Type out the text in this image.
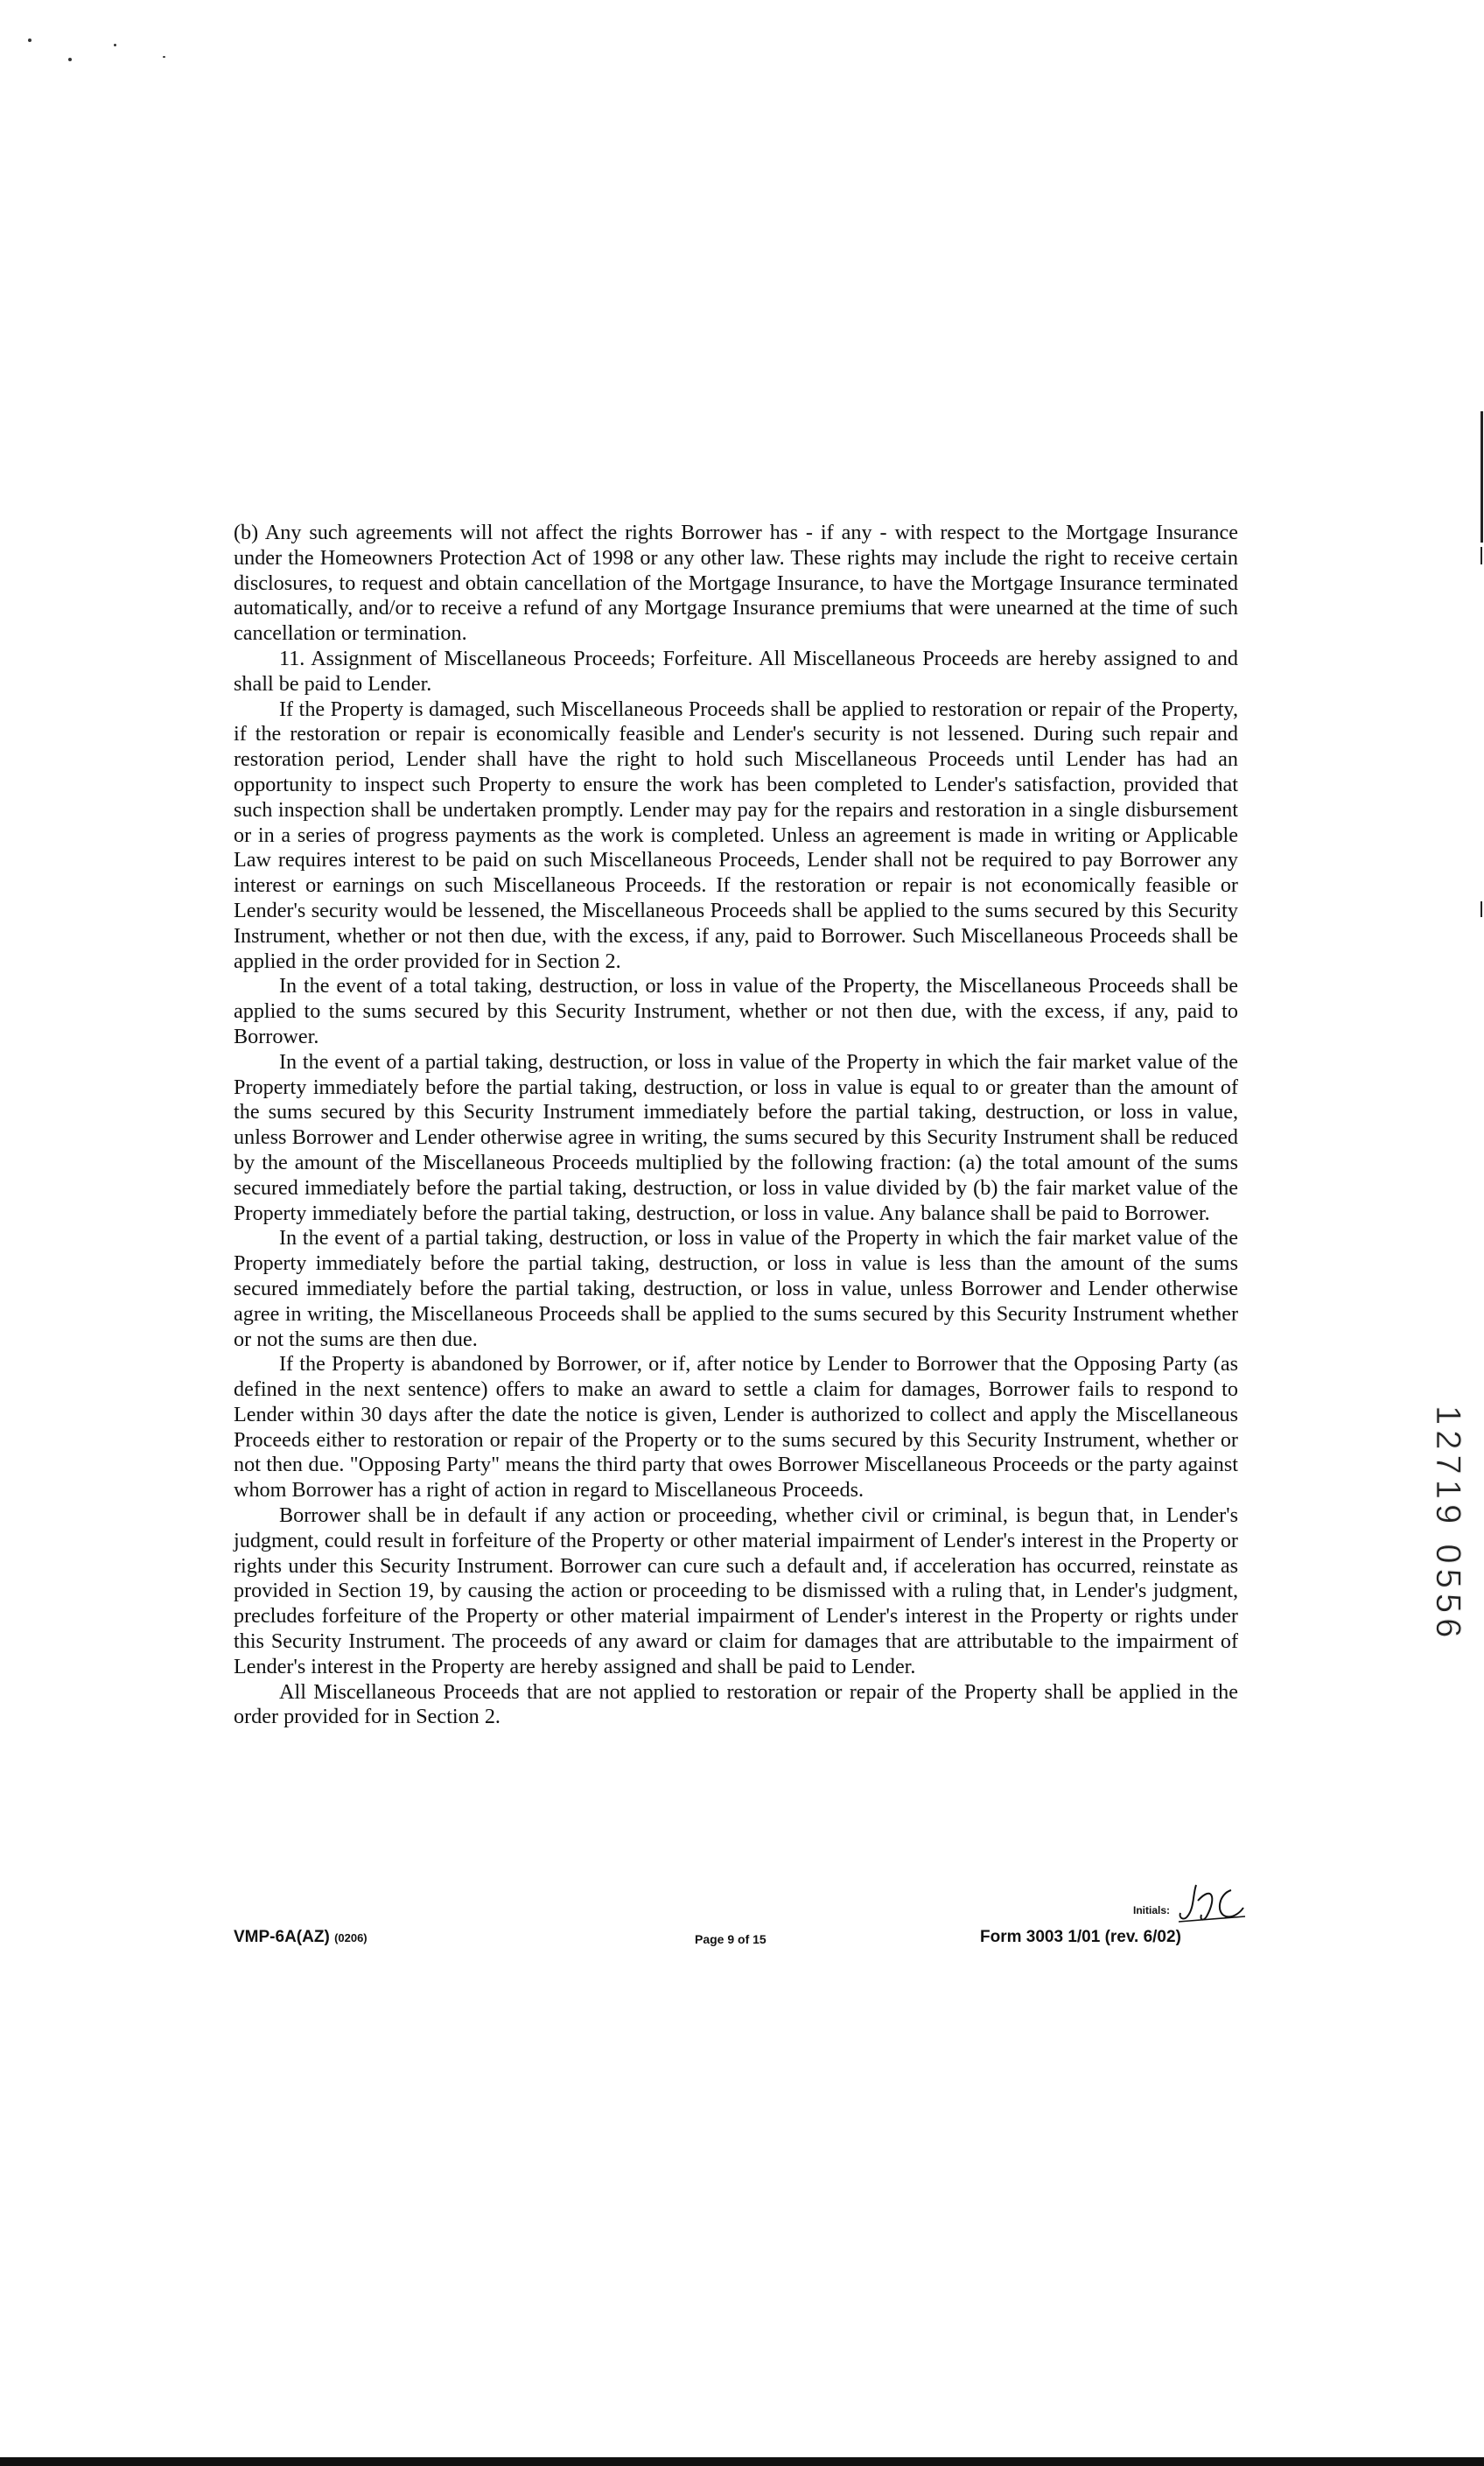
(b) Any such agreements will not affect the rights Borrower has - if any - with respect to the Mortgage Insurance under the Homeowners Protection Act of 1998 or any other law. These rights may include the right to receive certain disclosures, to request and obtain cancellation of the Mortgage Insurance, to have the Mortgage Insurance terminated automatically, and/or to receive a refund of any Mortgage Insurance premiums that were unearned at the time of such cancellation or termination.

11. Assignment of Miscellaneous Proceeds; Forfeiture. All Miscellaneous Proceeds are hereby assigned to and shall be paid to Lender.

If the Property is damaged, such Miscellaneous Proceeds shall be applied to restoration or repair of the Property, if the restoration or repair is economically feasible and Lender's security is not lessened. During such repair and restoration period, Lender shall have the right to hold such Miscellaneous Proceeds until Lender has had an opportunity to inspect such Property to ensure the work has been completed to Lender's satisfaction, provided that such inspection shall be undertaken promptly. Lender may pay for the repairs and restoration in a single disbursement or in a series of progress payments as the work is completed. Unless an agreement is made in writing or Applicable Law requires interest to be paid on such Miscellaneous Proceeds, Lender shall not be required to pay Borrower any interest or earnings on such Miscellaneous Proceeds. If the restoration or repair is not economically feasible or Lender's security would be lessened, the Miscellaneous Proceeds shall be applied to the sums secured by this Security Instrument, whether or not then due, with the excess, if any, paid to Borrower. Such Miscellaneous Proceeds shall be applied in the order provided for in Section 2.

In the event of a total taking, destruction, or loss in value of the Property, the Miscellaneous Proceeds shall be applied to the sums secured by this Security Instrument, whether or not then due, with the excess, if any, paid to Borrower.

In the event of a partial taking, destruction, or loss in value of the Property in which the fair market value of the Property immediately before the partial taking, destruction, or loss in value is equal to or greater than the amount of the sums secured by this Security Instrument immediately before the partial taking, destruction, or loss in value, unless Borrower and Lender otherwise agree in writing, the sums secured by this Security Instrument shall be reduced by the amount of the Miscellaneous Proceeds multiplied by the following fraction: (a) the total amount of the sums secured immediately before the partial taking, destruction, or loss in value divided by (b) the fair market value of the Property immediately before the partial taking, destruction, or loss in value. Any balance shall be paid to Borrower.

In the event of a partial taking, destruction, or loss in value of the Property in which the fair market value of the Property immediately before the partial taking, destruction, or loss in value is less than the amount of the sums secured immediately before the partial taking, destruction, or loss in value, unless Borrower and Lender otherwise agree in writing, the Miscellaneous Proceeds shall be applied to the sums secured by this Security Instrument whether or not the sums are then due.

If the Property is abandoned by Borrower, or if, after notice by Lender to Borrower that the Opposing Party (as defined in the next sentence) offers to make an award to settle a claim for damages, Borrower fails to respond to Lender within 30 days after the date the notice is given, Lender is authorized to collect and apply the Miscellaneous Proceeds either to restoration or repair of the Property or to the sums secured by this Security Instrument, whether or not then due. "Opposing Party" means the third party that owes Borrower Miscellaneous Proceeds or the party against whom Borrower has a right of action in regard to Miscellaneous Proceeds.

Borrower shall be in default if any action or proceeding, whether civil or criminal, is begun that, in Lender's judgment, could result in forfeiture of the Property or other material impairment of Lender's interest in the Property or rights under this Security Instrument. Borrower can cure such a default and, if acceleration has occurred, reinstate as provided in Section 19, by causing the action or proceeding to be dismissed with a ruling that, in Lender's judgment, precludes forfeiture of the Property or other material impairment of Lender's interest in the Property or rights under this Security Instrument. The proceeds of any award or claim for damages that are attributable to the impairment of Lender's interest in the Property are hereby assigned and shall be paid to Lender.

All Miscellaneous Proceeds that are not applied to restoration or repair of the Property shall be applied in the order provided for in Section 2.

12719 0556
VMP-6A(AZ) (0206)	Page 9 of 15
Initials:
Form 3003 1/01 (rev. 6/02)
